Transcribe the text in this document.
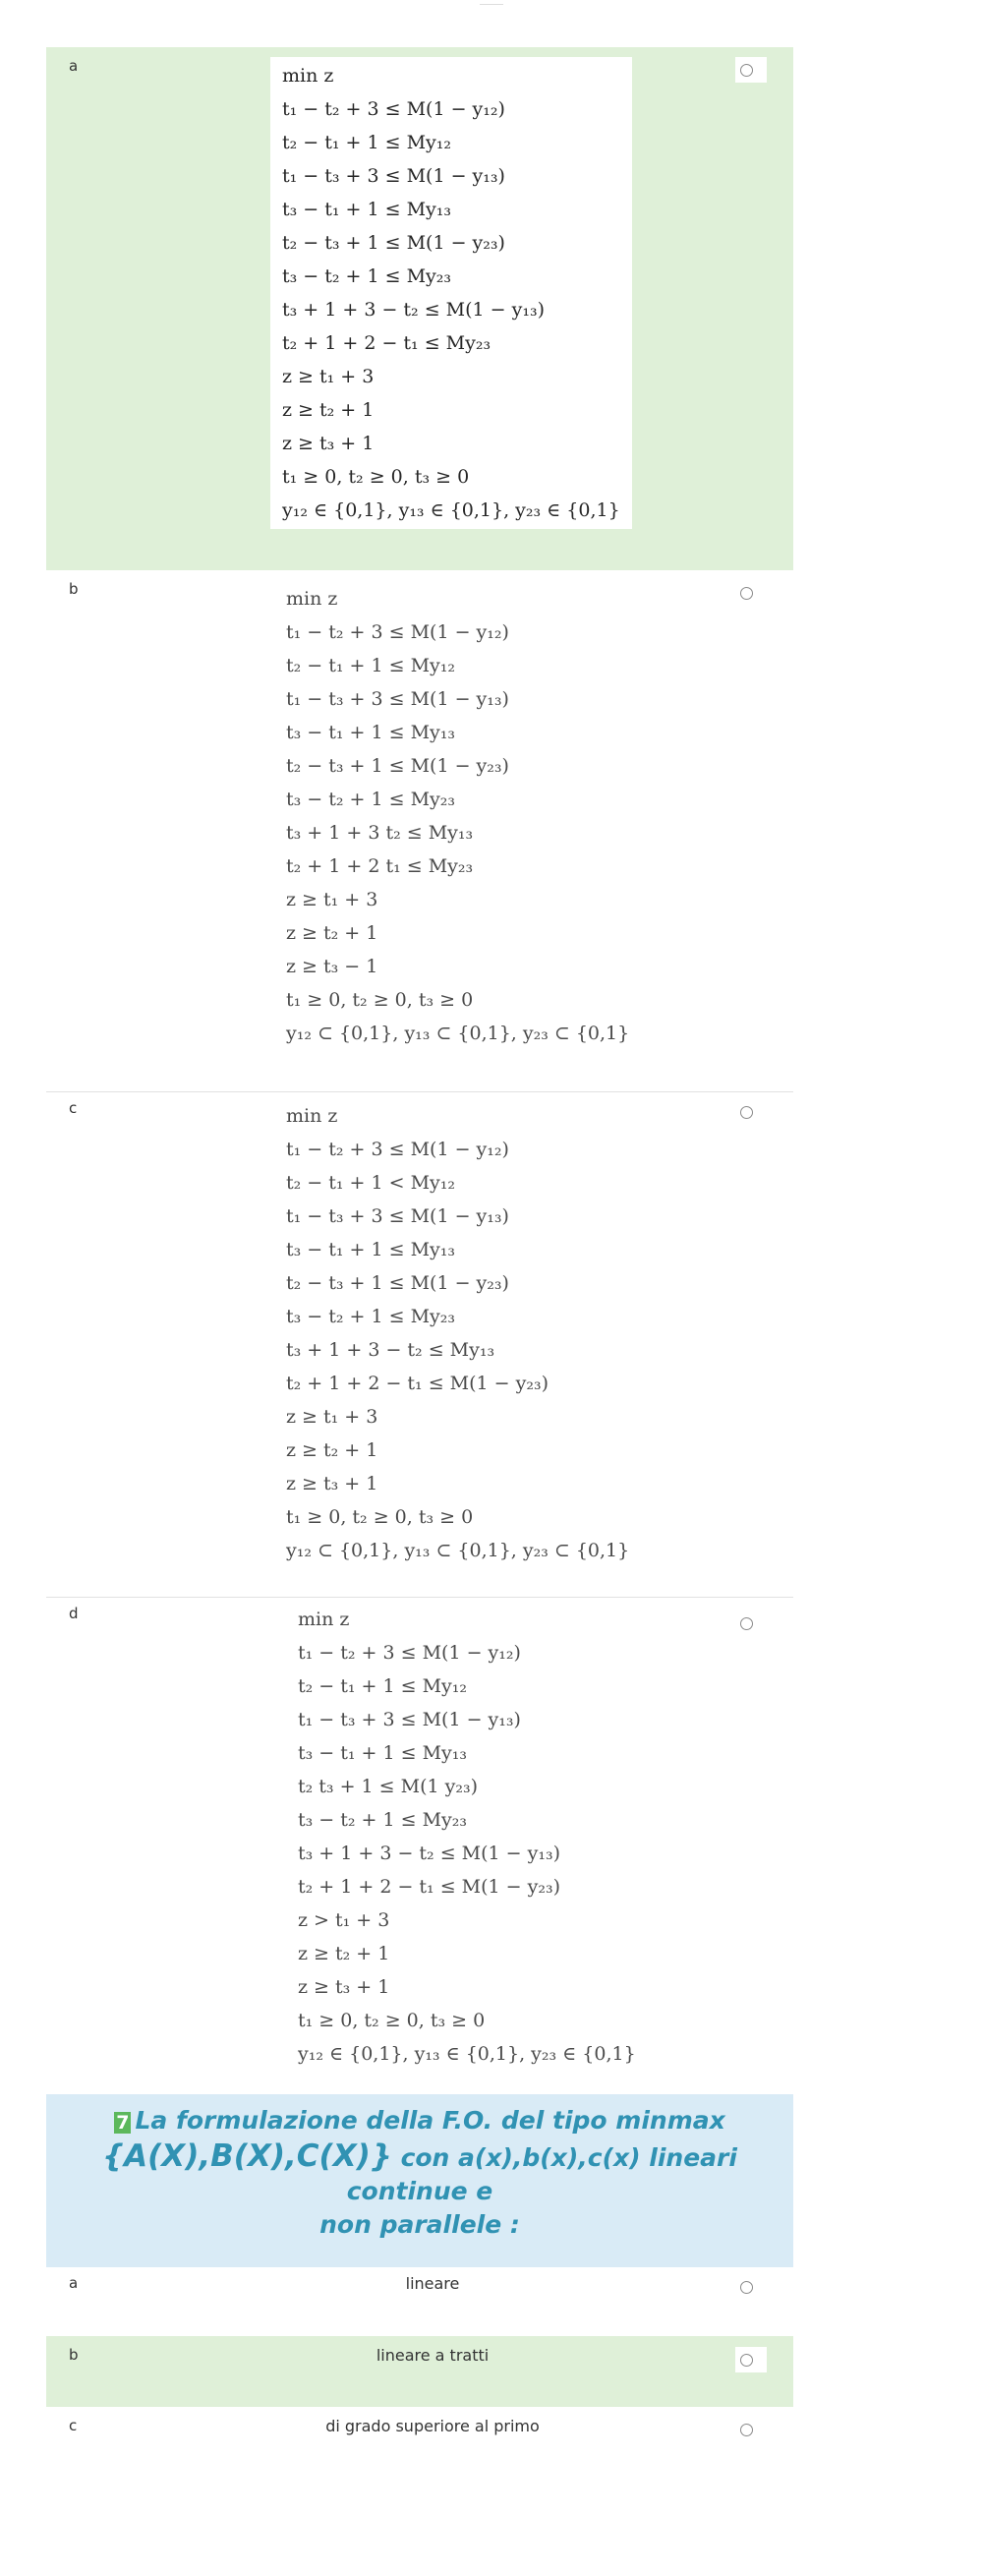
a	min z
t₁ − t₂ + 3 ≤ M(1 − y₁₂)
t₂ − t₁ + 1 ≤ My₁₂
t₁ − t₃ + 3 ≤ M(1 − y₁₃)
t₃ − t₁ + 1 ≤ My₁₃
t₂ − t₃ + 1 ≤ M(1 − y₂₃)
t₃ − t₂ + 1 ≤ My₂₃
t₃ + 1 + 3 − t₂ ≤ M(1 − y₁₃)
t₂ + 1 + 2 − t₁ ≤ My₂₃
z ≥ t₁ + 3
z ≥ t₂ + 1
z ≥ t₃ + 1
t₁ ≥ 0, t₂ ≥ 0, t₃ ≥ 0
y₁₂ ∈ {0,1}, y₁₃ ∈ {0,1}, y₂₃ ∈ {0,1}
b	min z
t₁ − t₂ + 3 ≤ M(1 − y₁₂)
t₂ − t₁ + 1 ≤ My₁₂
t₁ − t₃ + 3 ≤ M(1 − y₁₃)
t₃ − t₁ + 1 ≤ My₁₃
t₂ − t₃ + 1 ≤ M(1 − y₂₃)
t₃ − t₂ + 1 ≤ My₂₃
t₃ + 1 + 3 t₂ ≤ My₁₃
t₂ + 1 + 2 t₁ ≤ My₂₃
z ≥ t₁ + 3
z ≥ t₂ + 1
z ≥ t₃ − 1
t₁ ≥ 0, t₂ ≥ 0, t₃ ≥ 0
y₁₂ ⊂ {0,1}, y₁₃ ⊂ {0,1}, y₂₃ ⊂ {0,1}
c	min z
t₁ − t₂ + 3 ≤ M(1 − y₁₂)
t₂ − t₁ + 1 < My₁₂
t₁ − t₃ + 3 ≤ M(1 − y₁₃)
t₃ − t₁ + 1 ≤ My₁₃
t₂ − t₃ + 1 ≤ M(1 − y₂₃)
t₃ − t₂ + 1 ≤ My₂₃
t₃ + 1 + 3 − t₂ ≤ My₁₃
t₂ + 1 + 2 − t₁ ≤ M(1 − y₂₃)
z ≥ t₁ + 3
z ≥ t₂ + 1
z ≥ t₃ + 1
t₁ ≥ 0, t₂ ≥ 0, t₃ ≥ 0
y₁₂ ⊂ {0,1}, y₁₃ ⊂ {0,1}, y₂₃ ⊂ {0,1}
d	min z
t₁ − t₂ + 3 ≤ M(1 − y₁₂)
t₂ − t₁ + 1 ≤ My₁₂
t₁ − t₃ + 3 ≤ M(1 − y₁₃)
t₃ − t₁ + 1 ≤ My₁₃
t₂ t₃ + 1 ≤ M(1 y₂₃)
t₃ − t₂ + 1 ≤ My₂₃
t₃ + 1 + 3 − t₂ ≤ M(1 − y₁₃)
t₂ + 1 + 2 − t₁ ≤ M(1 − y₂₃)
z > t₁ + 3
z ≥ t₂ + 1
z ≥ t₃ + 1
t₁ ≥ 0, t₂ ≥ 0, t₃ ≥ 0
y₁₂ ∈ {0,1}, y₁₃ ∈ {0,1}, y₂₃ ∈ {0,1}
7 La formulazione della F.O. del tipo minmax
{A(X),B(X),C(X)} con a(x),b(x),c(x) lineari continue e
non parallele :
a	lineare
b	lineare a tratti
c	di grado superiore al primo
